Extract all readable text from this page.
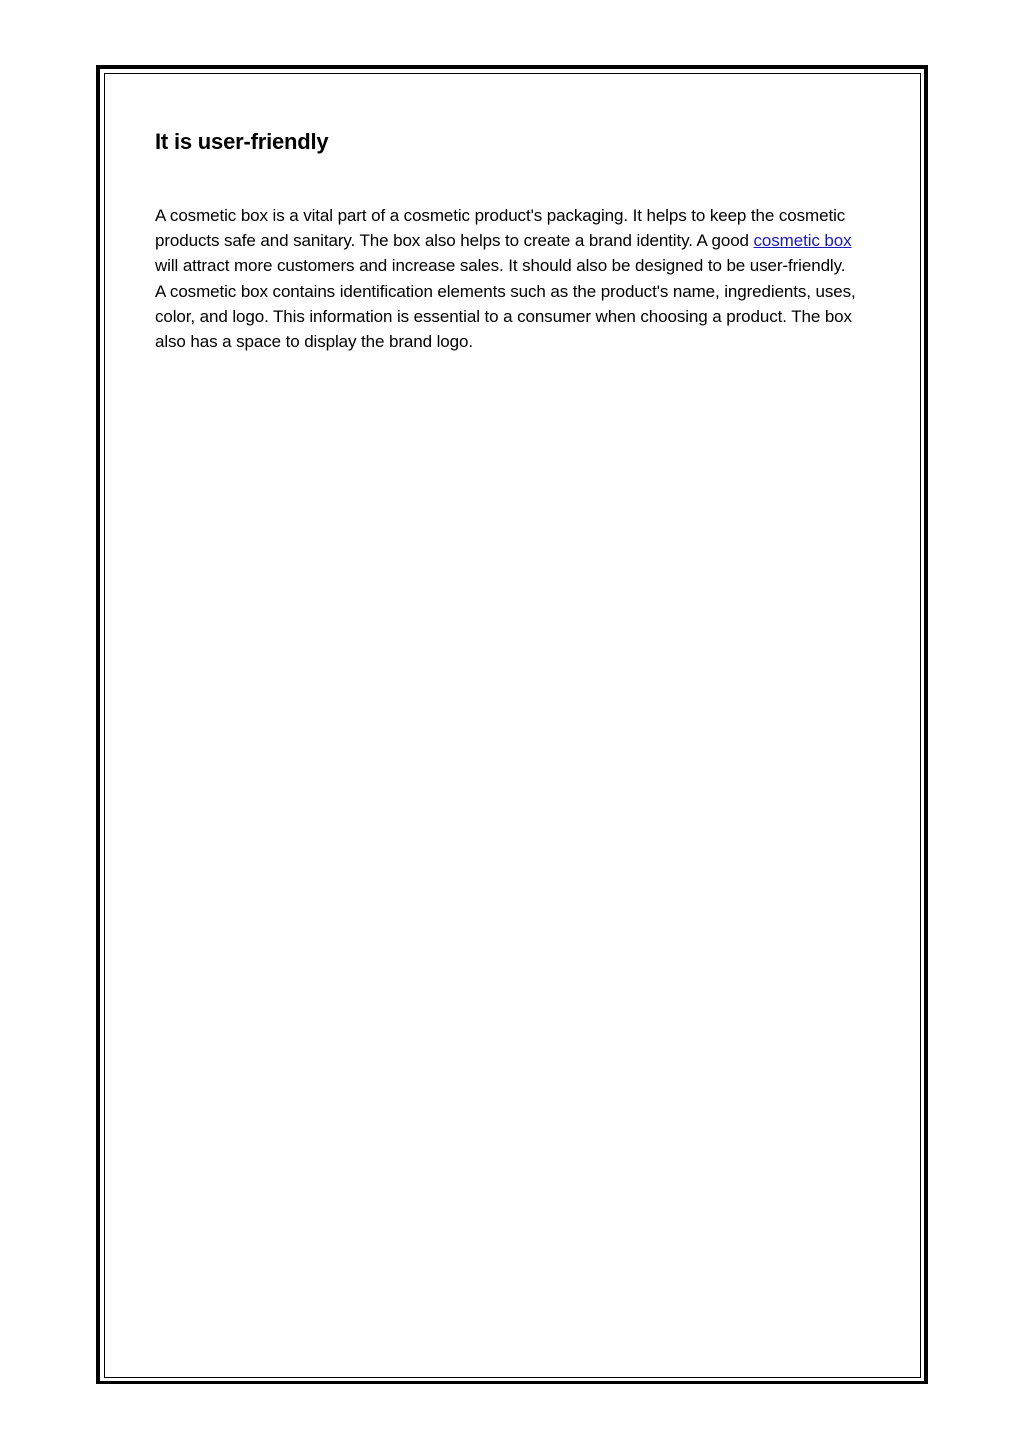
It is user-friendly

A cosmetic box is a vital part of a cosmetic product's packaging. It helps to keep the cosmetic products safe and sanitary. The box also helps to create a brand identity. A good cosmetic box will attract more customers and increase sales. It should also be designed to be user-friendly.

A cosmetic box contains identification elements such as the product's name, ingredients, uses, color, and logo. This information is essential to a consumer when choosing a product. The box also has a space to display the brand logo.
